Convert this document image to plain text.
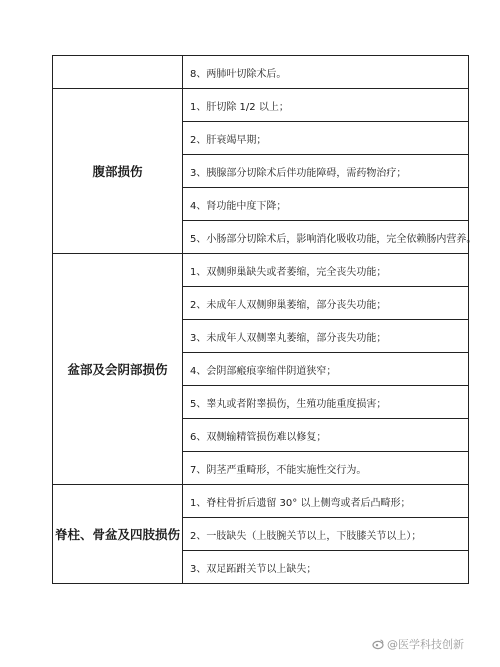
	8、两肺叶切除术后。
腹部损伤	1、肝切除 1/2 以上；
	2、肝衰竭早期；
	3、胰腺部分切除术后伴功能障碍，需药物治疗；
	4、肾功能中度下降；
	5、小肠部分切除术后，影响消化吸收功能，完全依赖肠内营养。
盆部及会阴部损伤	1、双侧卵巢缺失或者萎缩，完全丧失功能；
	2、未成年人双侧卵巢萎缩，部分丧失功能；
	3、未成年人双侧睾丸萎缩，部分丧失功能；
	4、会阴部瘢痕挛缩伴阴道狭窄；
	5、睾丸或者附睾损伤，生殖功能重度损害；
	6、双侧输精管损伤难以修复；
	7、阴茎严重畸形，不能实施性交行为。
脊柱、骨盆及四肢损伤	1、脊柱骨折后遗留 30° 以上侧弯或者后凸畸形；
	2、一肢缺失（上肢腕关节以上，下肢膝关节以上）；
	3、双足跖跗关节以上缺失；
@医学科技创新
